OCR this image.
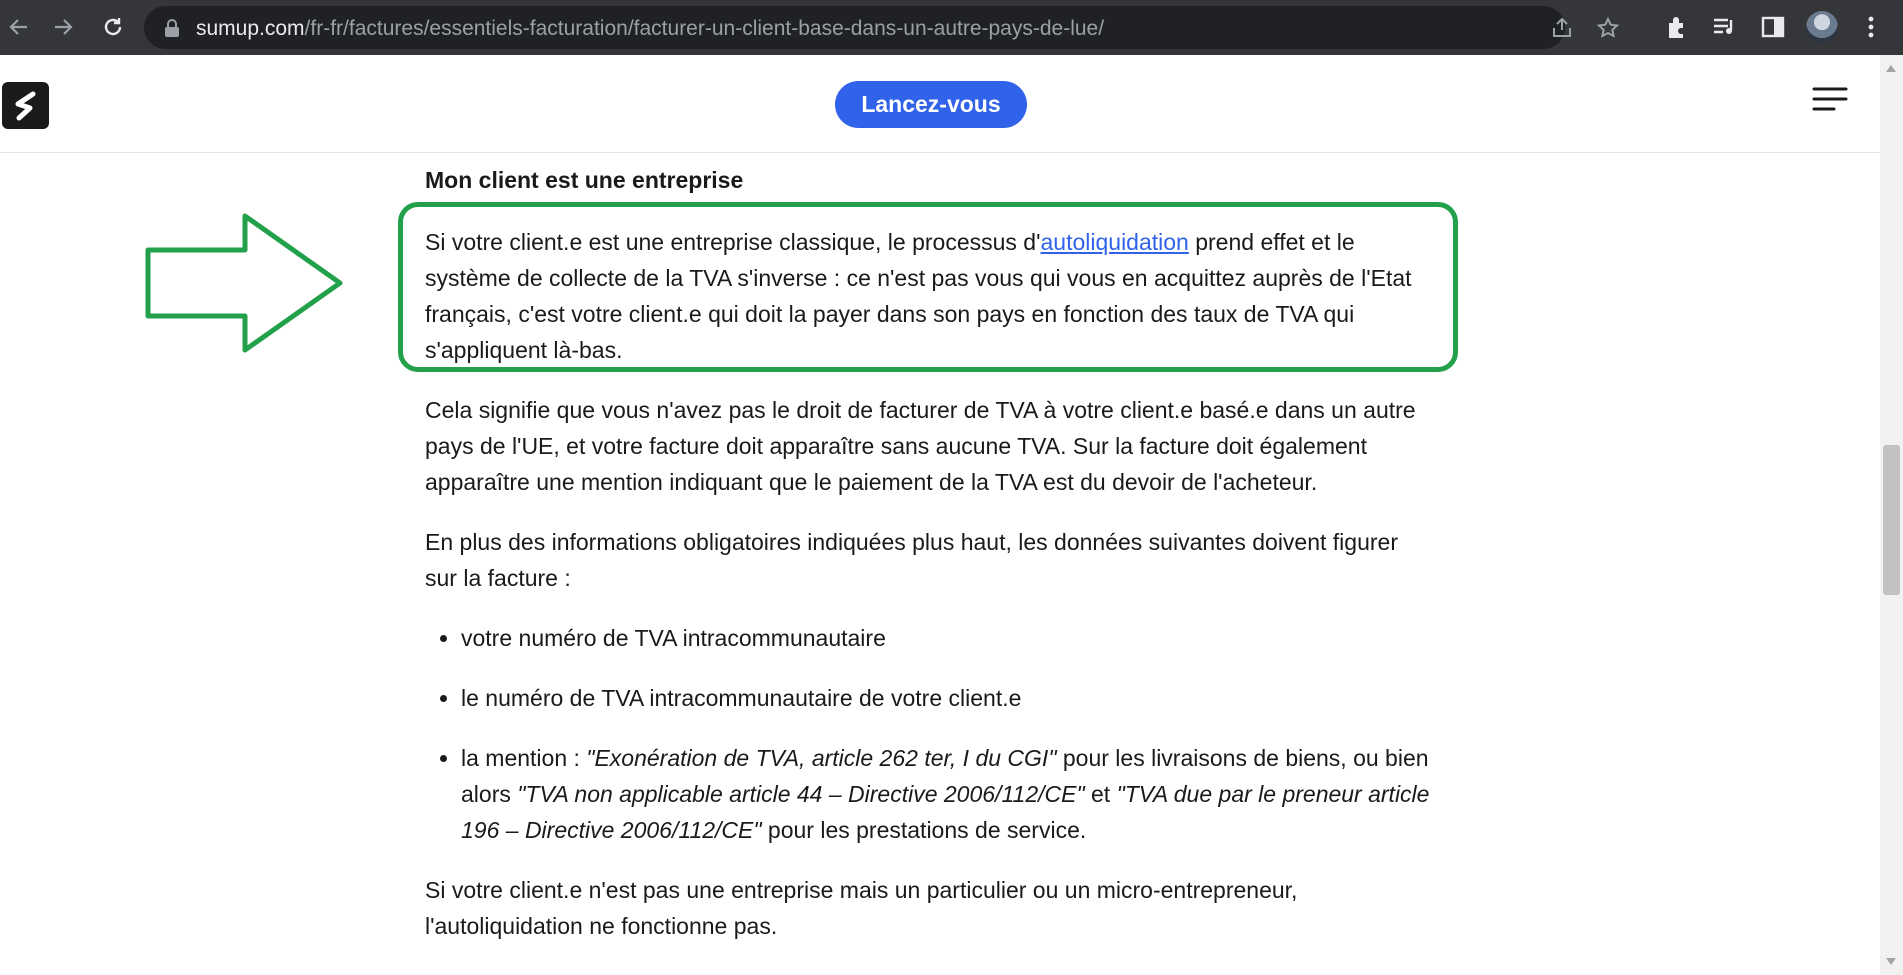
sumup.com/fr-fr/factures/essentiels-facturation/facturer-un-client-base-dans-un-autre-pays-de-lue/
Lancez-vous
Mon client est une entreprise

Si votre client.e est une entreprise classique, le processus d'autoliquidation prend effet et le système de collecte de la TVA s'inverse : ce n'est pas vous qui vous en acquittez auprès de l'Etat français, c'est votre client.e qui doit la payer dans son pays en fonction des taux de TVA qui s'appliquent là-bas.

Cela signifie que vous n'avez pas le droit de facturer de TVA à votre client.e basé.e dans un autre pays de l'UE, et votre facture doit apparaître sans aucune TVA. Sur la facture doit également apparaître une mention indiquant que le paiement de la TVA est du devoir de l'acheteur.

En plus des informations obligatoires indiquées plus haut, les données suivantes doivent figurer sur la facture :

• votre numéro de TVA intracommunautaire
• le numéro de TVA intracommunautaire de votre client.e
• la mention : "Exonération de TVA, article 262 ter, I du CGI" pour les livraisons de biens, ou bien alors "TVA non applicable article 44 – Directive 2006/112/CE" et "TVA due par le preneur article 196 – Directive 2006/112/CE" pour les prestations de service.

Si votre client.e n'est pas une entreprise mais un particulier ou un micro-entrepreneur, l'autoliquidation ne fonctionne pas.
